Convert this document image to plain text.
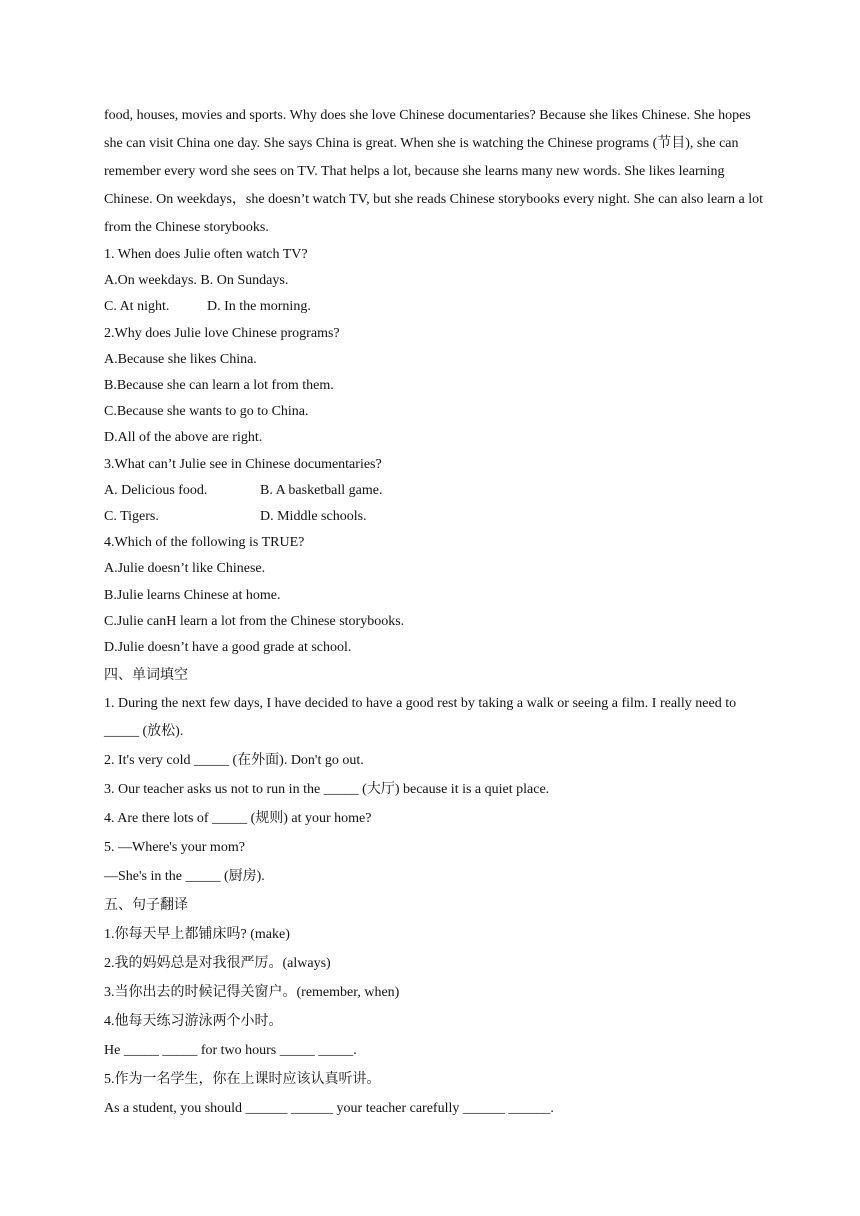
food, houses, movies and sports. Why does she love Chinese documentaries? Because she likes Chinese. She hopes she can visit China one day. She says China is great. When she is watching the Chinese programs (节目), she can remember every word she sees on TV. That helps a lot, because she learns many new words. She likes learning Chinese. On weekdays，she doesn’t watch TV, but she reads Chinese storybooks every night. She can also learn a lot from the Chinese storybooks.

1. When does Julie often watch TV?

A.On weekdays. B. On Sundays.

C. At night.	D. In the morning.

2.Why does Julie love Chinese programs?

A.Because she likes China.

B.Because she can learn a lot from them.

C.Because she wants to go to China.

D.All of the above are right.

3.What can’t Julie see in Chinese documentaries?

A. Delicious food.	B. A basketball game.

C. Tigers.	D. Middle schools.

4.Which of the following is TRUE?

A.Julie doesn’t like Chinese.

B.Julie learns Chinese at home.

C.Julie canH learn a lot from the Chinese storybooks.

D.Julie doesn’t have a good grade at school.

四、单词填空

1. During the next few days, I have decided to have a good rest by taking a walk or seeing a film. I really need to _____ (放松).

2. It's very cold _____ (在外面). Don't go out.

3. Our teacher asks us not to run in the _____ (大厅) because it is a quiet place.

4. Are there lots of _____ (规则) at your home?

5. —Where's your mom?

—She's in the _____ (厨房).

五、句子翻译

1.你每天早上都铺床吗? (make)

2.我的妈妈总是对我很严厉。(always)

3.当你出去的时候记得关窗户。(remember, when)

4.他每天练习游泳两个小时。

He _____ _____ for two hours _____ _____.

5.作为一名学生，你在上课时应该认真听讲。

As a student, you should ______ ______ your teacher carefully ______ ______.
